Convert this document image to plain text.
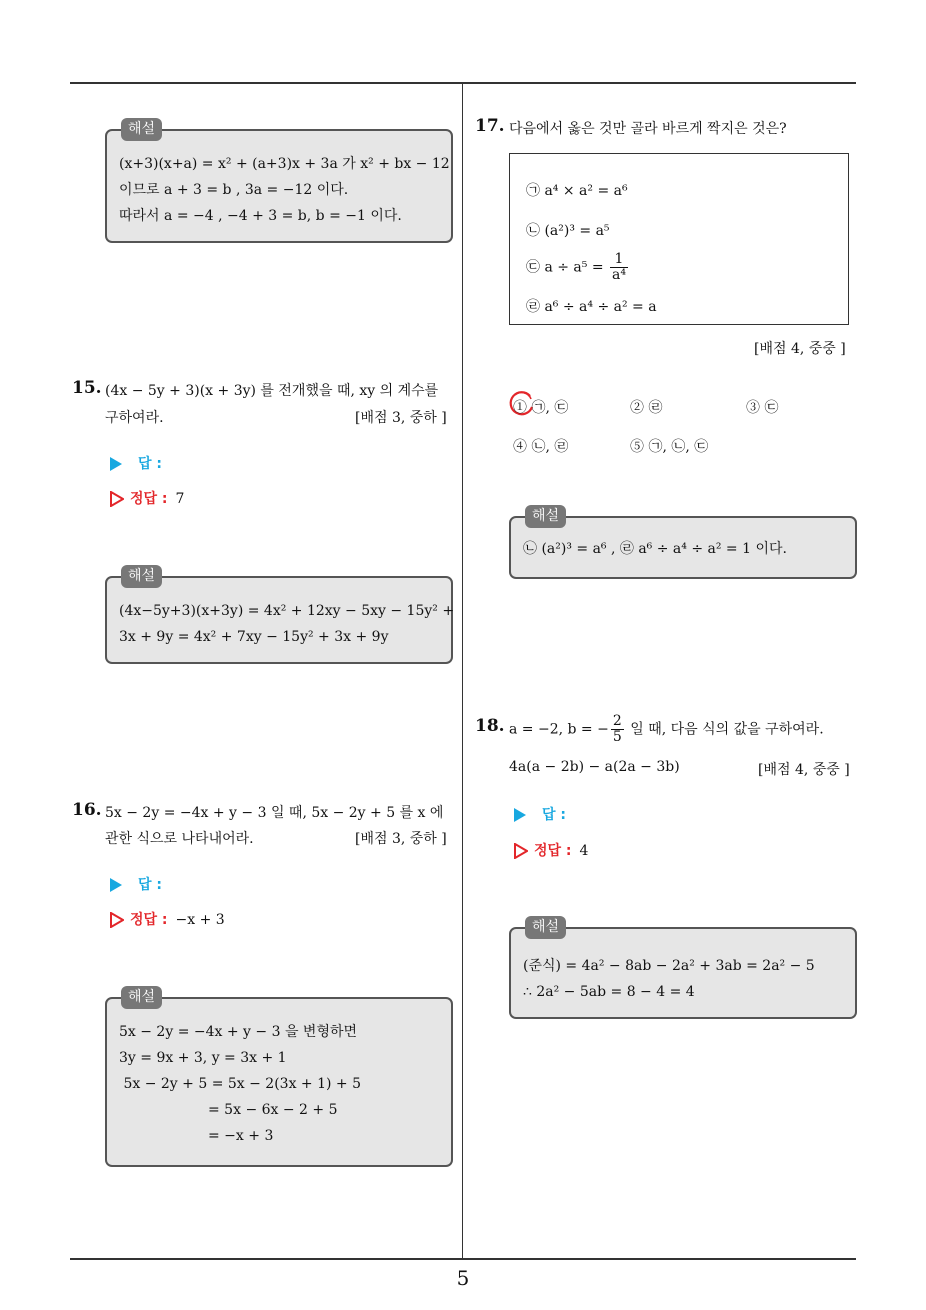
해설
(x+3)(x+a) = x² + (a+3)x + 3a 가 x² + bx − 12
이므로 a + 3 = b , 3a = −12 이다.
따라서 a = −4 , −4 + 3 = b, b = −1 이다.
15. (4x − 5y + 3)(x + 3y) 를 전개했을 때, xy 의 계수를
구하여라.	[배점 3, 중하 ]
답 :
정답 : 7
해설
(4x−5y+3)(x+3y) = 4x² + 12xy − 5xy − 15y² +
3x + 9y = 4x² + 7xy − 15y² + 3x + 9y
16. 5x − 2y = −4x + y − 3 일 때, 5x − 2y + 5 를 x 에
관한 식으로 나타내어라.	[배점 3, 중하 ]
답 :
정답 : −x + 3
해설
5x − 2y = −4x + y − 3 을 변형하면
3y = 9x + 3, y = 3x + 1
5x − 2y + 5 = 5x − 2(3x + 1) + 5
= 5x − 6x − 2 + 5
= −x + 3
17. 다음에서 옳은 것만 골라 바르게 짝지은 것은?
㉠ a⁴ × a² = a⁶
㉡ (a²)³ = a⁵
㉢ $a \div a^5 = \frac{1}{\text{a⁴}}$
㉣ a⁶ ÷ a⁴ ÷ a² = a
[배점 4, 중중 ]
① ㉠, ㉢	② ㉣	③ ㉢
④ ㉡, ㉣	⑤ ㉠, ㉡, ㉢
해설
㉡ (a²)³ = a⁶ , ㉣ a⁶ ÷ a⁴ ÷ a² = 1 이다.
18. a = −2, b = − $\frac{2}{5}$ 일 때, 다음 식의 값을 구하여라.
4a(a − 2b) − a(2a − 3b)	[배점 4, 중중 ]
답 :
정답 : 4
해설
(준식) = 4a² − 8ab − 2a² + 3ab = 2a² − 5
∴ 2a² − 5ab = 8 − 4 = 4
5
